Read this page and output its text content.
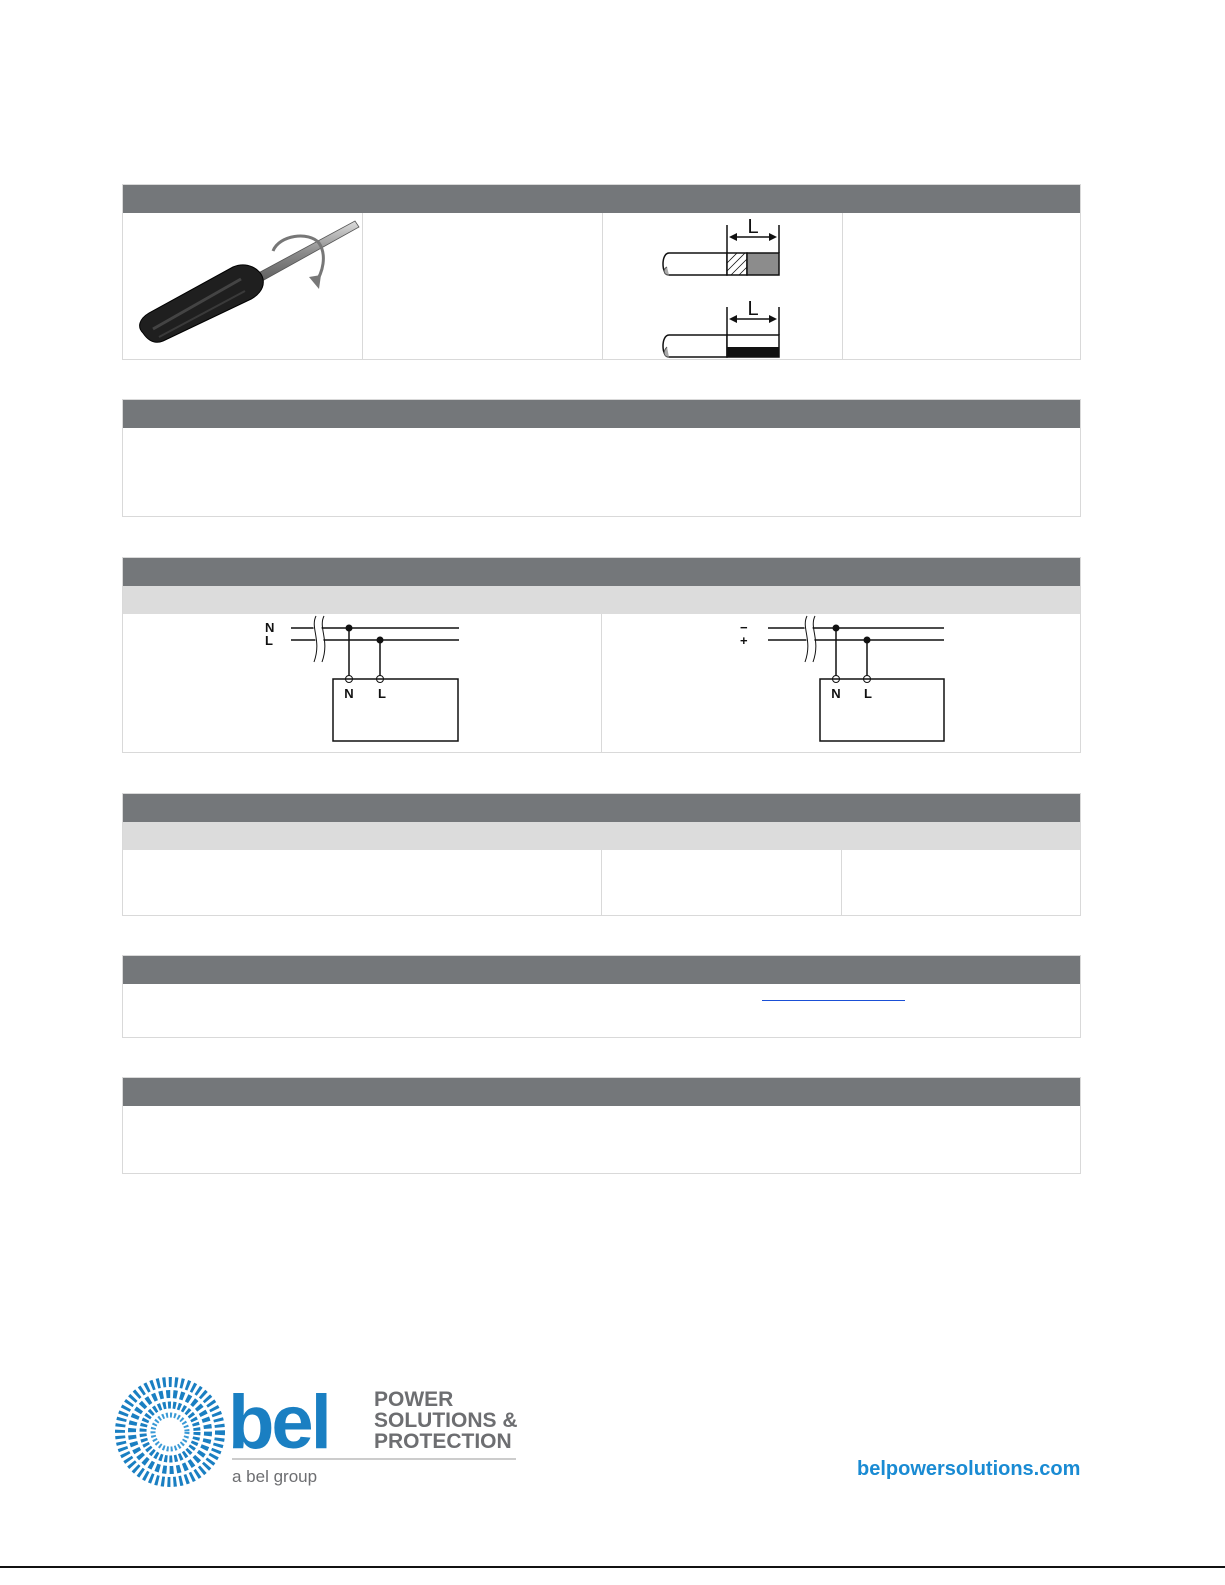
L
L
N
L
N L
−
+
N L
bel POWER
SOLUTIONS &
PROTECTION
a bel group	belpowersolutions.com
